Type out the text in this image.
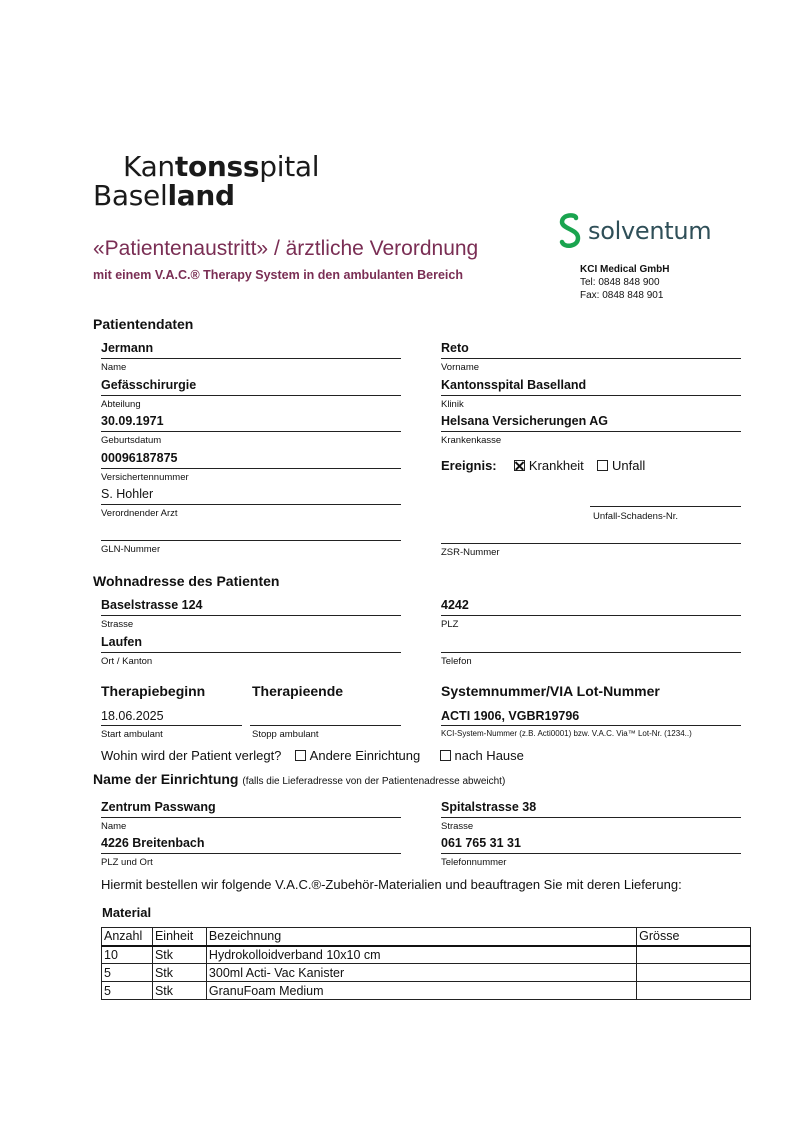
Kantonsspital
Baselland
solventum
KCI Medical GmbH
Tel: 0848 848 900
Fax: 0848 848 901
«Patientenaustritt» / ärztliche Verordnung
mit einem V.A.C.® Therapy System in den ambulanten Bereich
Patientendaten
Jermann
Name
Reto
Vorname
Gefässchirurgie
Abteilung
Kantonsspital Baselland
Klinik
30.09.1971
Geburtsdatum
Helsana Versicherungen AG
Krankenkasse
00096187875
Versichertennummer
Ereignis: Krankheit Unfall
S. Hohler
Verordnender Arzt	Unfall-Schadens-Nr.
GLN-Nummer	ZSR-Nummer
Wohnadresse des Patienten
Baselstrasse 124
Strasse
4242
PLZ
Laufen
Ort / Kanton	Telefon
Therapiebeginn	Therapieende	Systemnummer/VIA Lot-Nummer
18.06.2025
Start ambulant	Stopp ambulant
ACTI 1906, VGBR19796
KCI-System-Nummer (z.B. Acti0001) bzw. V.A.C. Via™ Lot-Nr. (1234..)
Wohin wird der Patient verlegt? Andere Einrichtung	nach Hause
Name der Einrichtung (falls die Lieferadresse von der Patientenadresse abweicht)
Zentrum Passwang
Name
Spitalstrasse 38
Strasse
4226 Breitenbach
PLZ und Ort
061 765 31 31
Telefonnummer
Hiermit bestellen wir folgende V.A.C.®-Zubehör-Materialien und beauftragen Sie mit deren Lieferung:
Material
Anzahl	Einheit	Bezeichnung	Grösse
10	Stk	Hydrokolloidverband 10x10 cm	
5	Stk	300ml Acti- Vac Kanister	
5	Stk	GranuFoam Medium	
